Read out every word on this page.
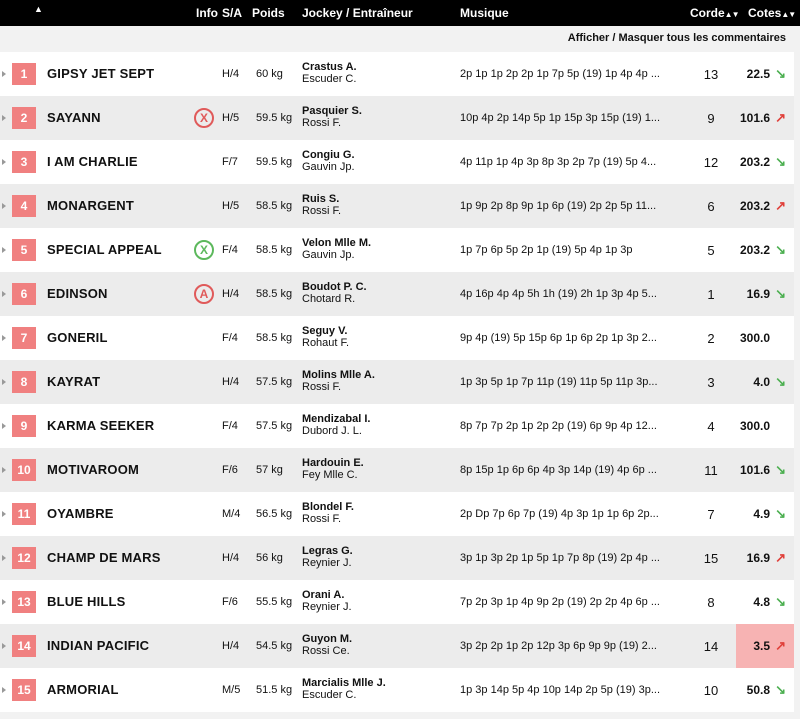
▲	Info S/A Poids Jockey / Entraîneur	Musique	Corde▲▼ Cotes▲▼
Afficher / Masquer tous les commentaires
1	GIPSY JET SEPT	H/4 60 kg
Crastus A.
Escuder C.	2p 1p 1p 2p 2p 1p 7p 5p (19) 1p 4p 4p ...	13	22.5 ↘
2	SAYANN	X	H/5 59.5 kg
Pasquier S.
Rossi F.	10p 4p 2p 14p 5p 1p 15p 3p 15p (19) 1...	9	101.6 ↗
3	I AM CHARLIE	F/7 59.5 kg
Congiu G.
Gauvin Jp.	4p 11p 1p 4p 3p 8p 3p 2p 7p (19) 5p 4...	12	203.2 ↘
4	MONARGENT	H/5 58.5 kg
Ruis S.
Rossi F.	1p 9p 2p 8p 9p 1p 6p (19) 2p 2p 5p 11...	6	203.2 ↗
5	SPECIAL APPEAL	X	F/4 58.5 kg
Velon Mlle M.
Gauvin Jp.	1p 7p 6p 5p 2p 1p (19) 5p 4p 1p 3p	5	203.2 ↘
6	EDINSON	A	H/4 58.5 kg
Boudot P. C.
Chotard R.	4p 16p 4p 4p 5h 1h (19) 2h 1p 3p 4p 5...	1	16.9 ↘
7	GONERIL	F/4 58.5 kg
Seguy V.
Rohaut F.	9p 4p (19) 5p 15p 6p 1p 6p 2p 1p 3p 2...	2	300.0
8	KAYRAT	H/4 57.5 kg
Molins Mlle A.
Rossi F.	1p 3p 5p 1p 7p 11p (19) 11p 5p 11p 3p...	3	4.0 ↘
9	KARMA SEEKER	F/4 57.5 kg
Mendizabal I.
Dubord J. L.	8p 7p 7p 2p 1p 2p 2p (19) 6p 9p 4p 12...	4	300.0
10	MOTIVAROOM	F/6 57 kg
Hardouin E.
Fey Mlle C.	8p 15p 1p 6p 6p 4p 3p 14p (19) 4p 6p ...	11	101.6 ↘
11	OYAMBRE	M/4 56.5 kg
Blondel F.
Rossi F.	2p Dp 7p 6p 7p (19) 4p 3p 1p 1p 6p 2p...	7	4.9 ↘
12	CHAMP DE MARS	H/4 56 kg
Legras G.
Reynier J.	3p 1p 3p 2p 1p 5p 1p 7p 8p (19) 2p 4p ...	15	16.9 ↗
13	BLUE HILLS	F/6 55.5 kg
Orani A.
Reynier J.	7p 2p 3p 1p 4p 9p 2p (19) 2p 2p 4p 6p ...	8	4.8 ↘
14	INDIAN PACIFIC	H/4 54.5 kg
Guyon M.
Rossi Ce.	3p 2p 2p 1p 2p 12p 3p 6p 9p 9p (19) 2...	14	3.5 ↗
15	ARMORIAL	M/5 51.5 kg
Marcialis Mlle J.
Escuder C.	1p 3p 14p 5p 4p 10p 14p 2p 5p (19) 3p...	10	50.8 ↘
